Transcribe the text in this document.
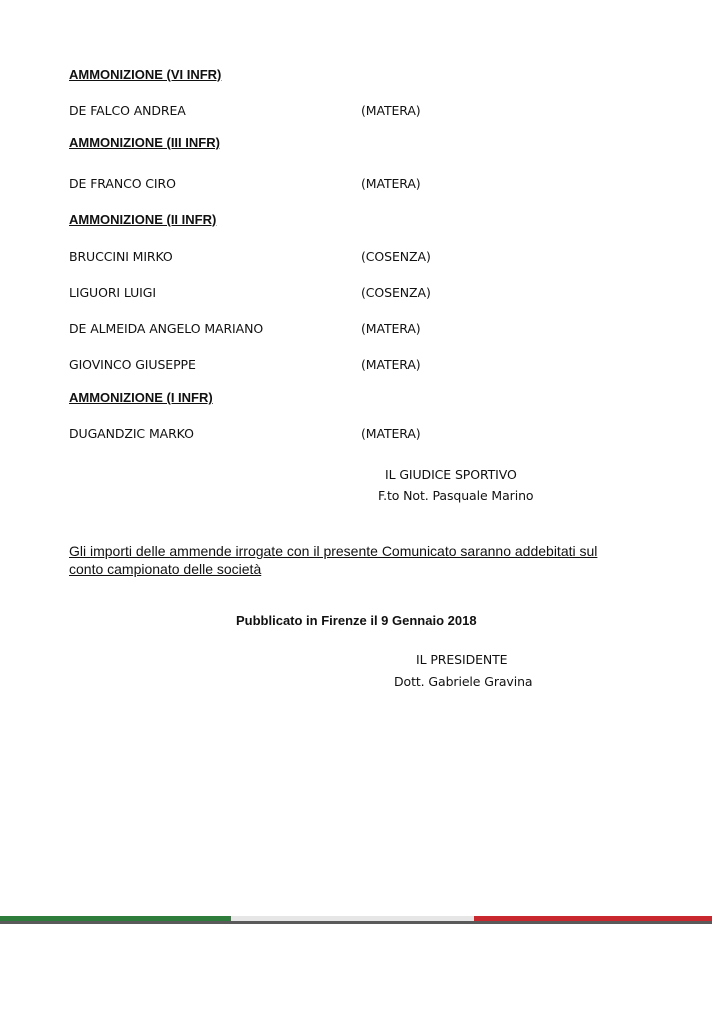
AMMONIZIONE (VI INFR)
DE FALCO ANDREA	(MATERA)
AMMONIZIONE (III INFR)
DE FRANCO CIRO	(MATERA)
AMMONIZIONE (II INFR)
BRUCCINI MIRKO	(COSENZA)
LIGUORI LUIGI	(COSENZA)
DE ALMEIDA ANGELO MARIANO	(MATERA)
GIOVINCO GIUSEPPE	(MATERA)
AMMONIZIONE (I INFR)
DUGANDZIC MARKO	(MATERA)
IL GIUDICE SPORTIVO
F.to Not. Pasquale Marino
Gli importi delle ammende irrogate con il presente Comunicato saranno addebitati sul conto campionato delle società
Pubblicato in Firenze il 9 Gennaio 2018
IL PRESIDENTE
Dott. Gabriele Gravina
